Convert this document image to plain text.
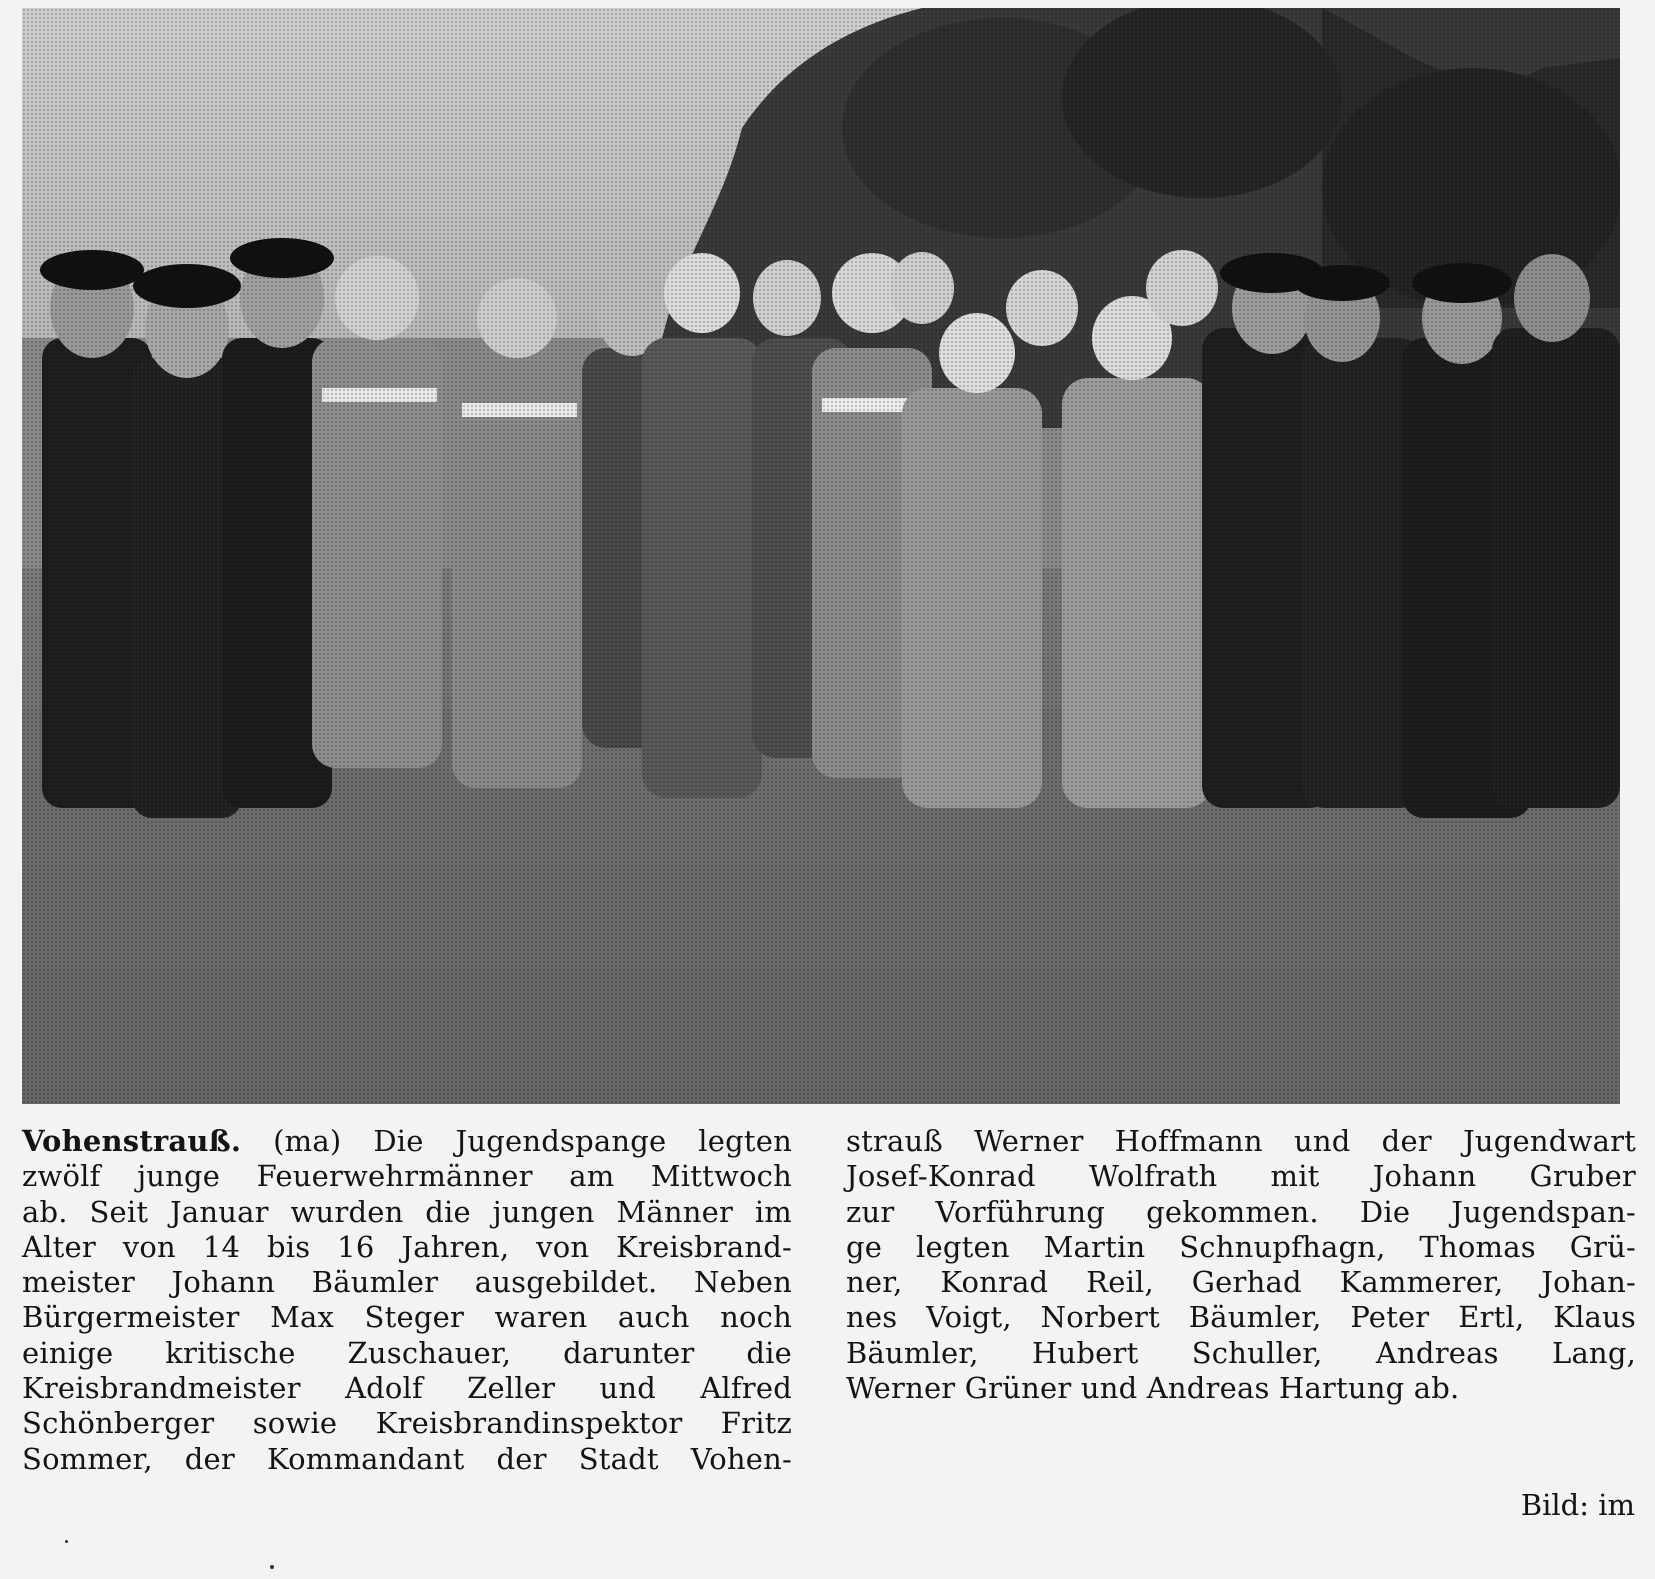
Vohenstrauß. (ma) Die Jugendspange legten
zwölf junge Feuerwehrmänner am Mittwoch
ab. Seit Januar wurden die jungen Männer im
Alter von 14 bis 16 Jahren, von Kreisbrand-
meister Johann Bäumler ausgebildet. Neben
Bürgermeister Max Steger waren auch noch
einige kritische Zuschauer, darunter die
Kreisbrandmeister Adolf Zeller und Alfred
Schönberger sowie Kreisbrandinspektor Fritz
Sommer, der Kommandant der Stadt Vohen-
strauß Werner Hoffmann und der Jugendwart
Josef-Konrad Wolfrath mit Johann Gruber
zur Vorführung gekommen. Die Jugendspan-
ge legten Martin Schnupfhagn, Thomas Grü-
ner, Konrad Reil, Gerhad Kammerer, Johan-
nes Voigt, Norbert Bäumler, Peter Ertl, Klaus
Bäumler, Hubert Schuller, Andreas Lang,
Werner Grüner und Andreas Hartung ab.
Bild: im
